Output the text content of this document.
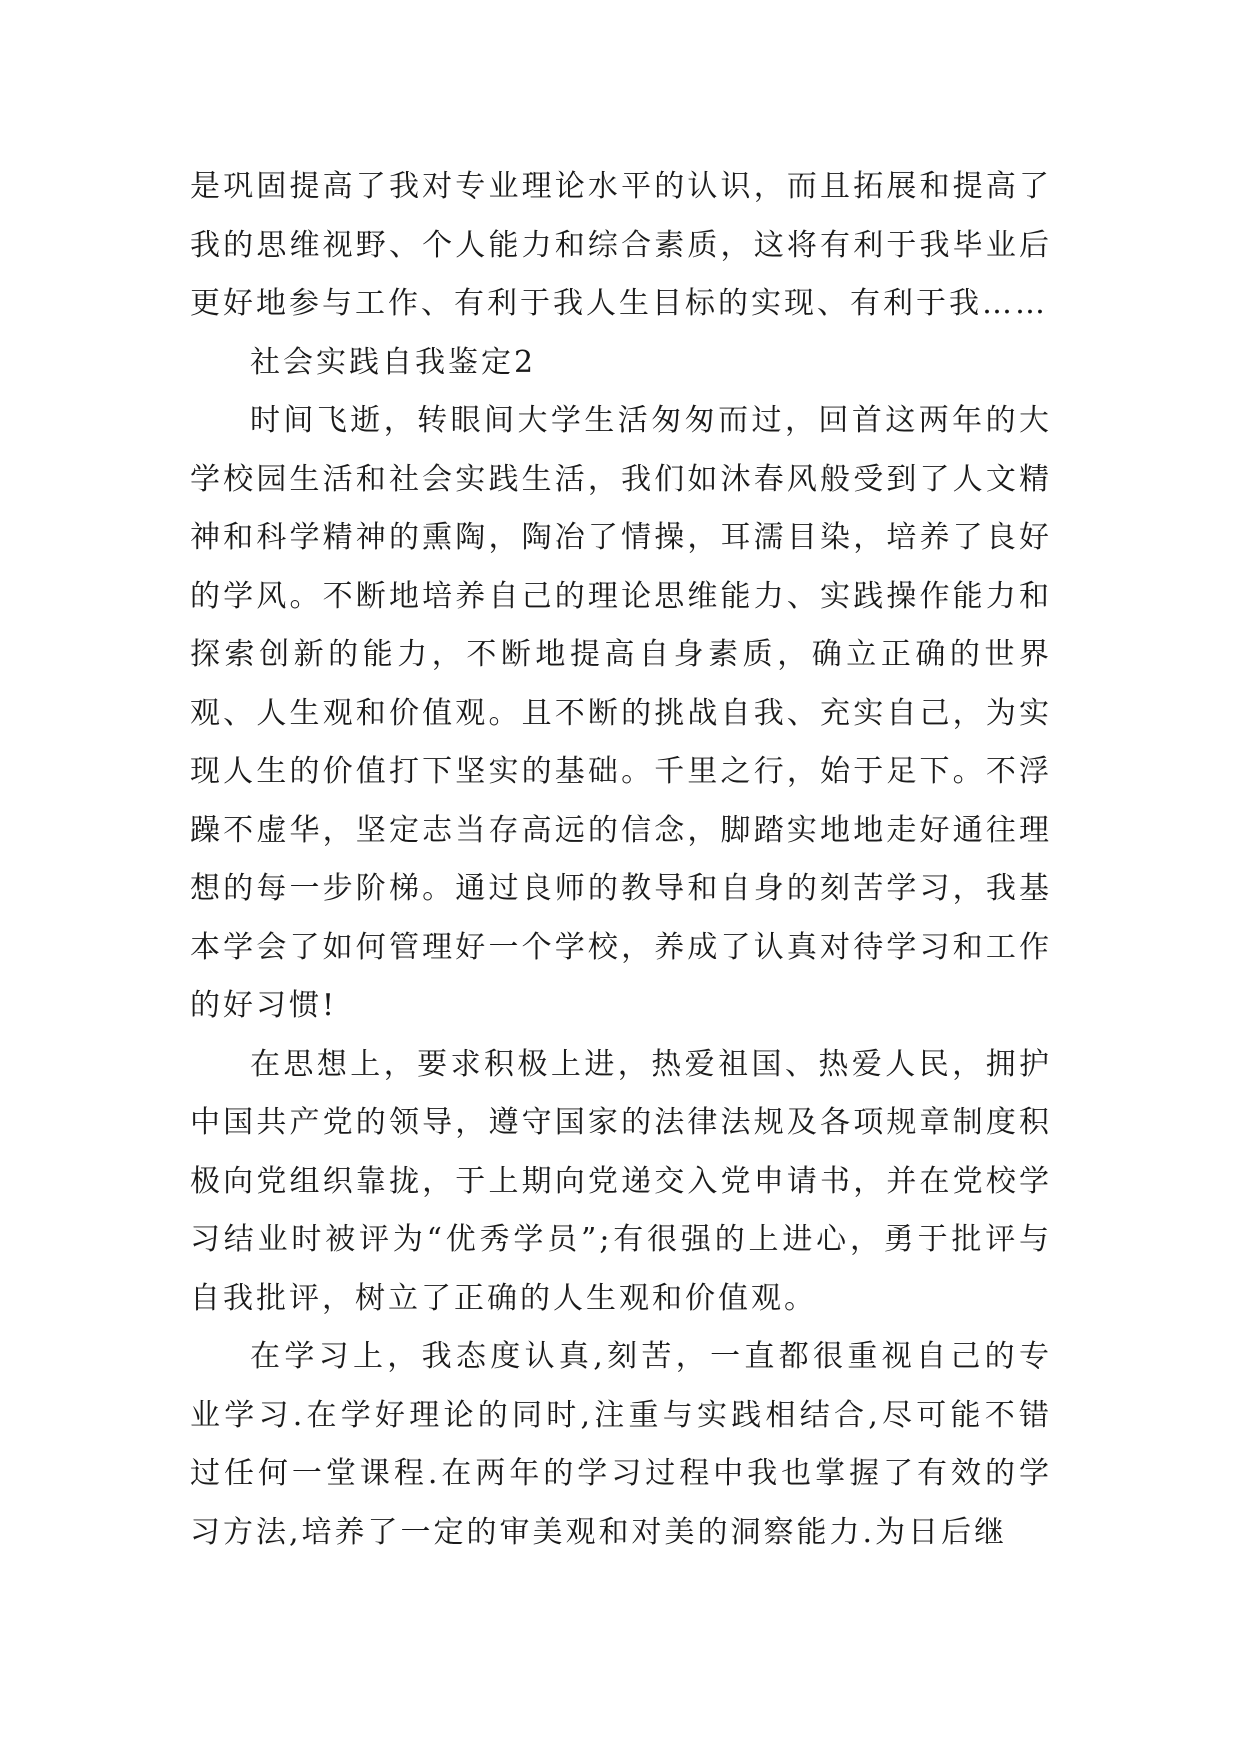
是巩固提高了我对专业理论水平的认识，而且拓展和提高了我的思维视野、个人能力和综合素质，这将有利于我毕业后更好地参与工作、有利于我人生目标的实现、有利于我……

社会实践自我鉴定2

时间飞逝，转眼间大学生活匆匆而过，回首这两年的大学校园生活和社会实践生活，我们如沐春风般受到了人文精神和科学精神的熏陶，陶冶了情操，耳濡目染，培养了良好的学风。不断地培养自己的理论思维能力、实践操作能力和探索创新的能力，不断地提高自身素质，确立正确的世界观、人生观和价值观。且不断的挑战自我、充实自己，为实现人生的价值打下坚实的基础。千里之行，始于足下。不浮躁不虚华，坚定志当存高远的信念，脚踏实地地走好通往理想的每一步阶梯。通过良师的教导和自身的刻苦学习，我基本学会了如何管理好一个学校，养成了认真对待学习和工作的好习惯!

在思想上，要求积极上进，热爱祖国、热爱人民，拥护中国共产党的领导，遵守国家的法律法规及各项规章制度积极向党组织靠拢，于上期向党递交入党申请书，并在党校学习结业时被评为“优秀学员”;有很强的上进心，勇于批评与自我批评，树立了正确的人生观和价值观。

在学习上，我态度认真,刻苦，一直都很重视自己的专业学习.在学好理论的同时,注重与实践相结合,尽可能不错过任何一堂课程.在两年的学习过程中我也掌握了有效的学习方法,培养了一定的审美观和对美的洞察能力.为日后继
